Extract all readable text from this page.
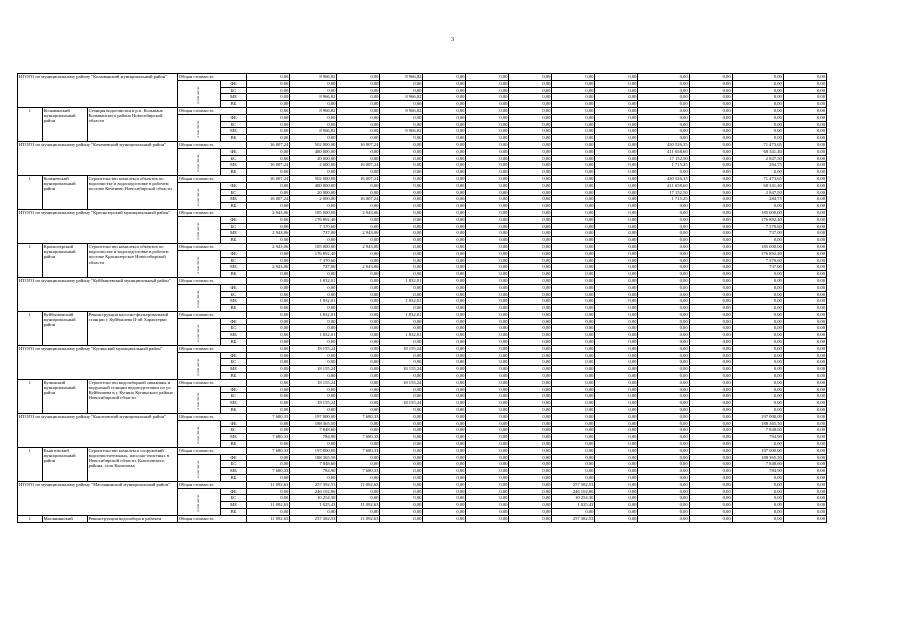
3
ИТОГО по муниципальному району "Колыванский муниципальный район"			Общая стоимость		0,00	8 966,82	0,00	8 966,82	0,00	0,00	0,00	0,00	0,00	0,00	0,00	0,00	0,00
			в том числе:	ФБ	0,00	0,00	0,00	0,00	0,00	0,00	0,00	0,00	0,00	0,00	0,00	0,00	0,00
				БС	0,00	0,00	0,00	0,00	0,00	0,00	0,00	0,00	0,00	0,00	0,00	0,00	0,00
				МБ	0,00	8 966,82	0,00	8 966,82	0,00	0,00	0,00	0,00	0,00	0,00	0,00	0,00	0,00
				ВБ	0,00	0,00	0,00	0,00	0,00	0,00	0,00	0,00	0,00	0,00	0,00	0,00	0,00
1	Колыванский муниципальный район	Станция водоочистки в р.п. Колывань Колыванского района Новосибирской области	Общая стоимость		0,00	8 966,82	0,00	8 966,82	0,00	0,00	0,00	0,00	0,00	0,00	0,00	0,00	0,00
			в том числе:	ФБ	0,00	0,00	0,00	0,00	0,00	0,00	0,00	0,00	0,00	0,00	0,00	0,00	0,00
				БС	0,00	0,00	0,00	0,00	0,00	0,00	0,00	0,00	0,00	0,00	0,00	0,00	0,00
				МБ	0,00	8 966,82	0,00	8 966,82	0,00	0,00	0,00	0,00	0,00	0,00	0,00	0,00	0,00
				ВБ	0,00	0,00	0,00	0,00	0,00	0,00	0,00	0,00	0,00	0,00	0,00	0,00	0,00
ИТОГО по муниципальному району "Коченевский муниципальный район"			Общая стоимость		16 007,24	502 000,00	16 007,24	0,00	0,00	0,00	0,00	0,00	0,00	430 526,35	0,00	71 473,65	0,00
			в том числе:	ФБ	0,00	480 000,00	0,00	0,00	0,00	0,00	0,00	0,00	0,00	411 658,60	0,00	68 341,40	0,00
				БС	0,00	20 000,00	0,00	0,00	0,00	0,00	0,00	0,00	0,00	17 152,50	0,00	2 847,50	0,00
				МБ	16 007,24	2 000,00	16 007,24	0,00	0,00	0,00	0,00	0,00	0,00	1 715,25	0,00	284,75	0,00
				ВБ	0,00	0,00	0,00	0,00	0,00	0,00	0,00	0,00	0,00	0,00	0,00	0,00	0,00
1	Коченевский муниципальный район	Строительство комплекса объектов по водоочистке и водоподготовке в рабочем поселке Коченево Новосибирской области	Общая стоимость		16 007,24	502 000,00	16 007,24	0,00	0,00	0,00	0,00	0,00	0,00	430 526,35	0,00	71 473,65	0,00
			в том числе:	ФБ	0,00	480 000,00	0,00	0,00	0,00	0,00	0,00	0,00	0,00	411 658,60	0,00	68 341,40	0,00
				БС	0,00	20 000,00	0,00	0,00	0,00	0,00	0,00	0,00	0,00	17 152,50	0,00	2 847,50	0,00
				МБ	16 007,24	2 000,00	16 007,24	0,00	0,00	0,00	0,00	0,00	0,00	1 715,25	0,00	284,75	0,00
				ВБ	0,00	0,00	0,00	0,00	0,00	0,00	0,00	0,00	0,00	0,00	0,00	0,00	0,00
ИТОГО по муниципальному району "Краснозерский муниципальный район"			Общая стоимость		2 943,06	185 000,00	2 943,06	0,00	0,00	0,00	0,00	0,00	0,00	0,00	0,00	185 000,00	0,00
			в том числе:	ФБ	0,00	176 892,40	0,00	0,00	0,00	0,00	0,00	0,00	0,00	0,00	0,00	176 892,40	0,00
				БС	0,00	7 370,60	0,00	0,00	0,00	0,00	0,00	0,00	0,00	0,00	0,00	7 370,60	0,00
				МБ	2 943,06	737,00	2 943,06	0,00	0,00	0,00	0,00	0,00	0,00	0,00	0,00	737,00	0,00
				ВБ	0,00	0,00	0,00	0,00	0,00	0,00	0,00	0,00	0,00	0,00	0,00	0,00	0,00
1	Краснозерский муниципальный район	Строительство комплекса объектов по водоочистке и водоподготовке в рабочем поселке Краснозерское Новосибирской области	Общая стоимость		2 943,06	185 000,00	2 943,06	0,00	0,00	0,00	0,00	0,00	0,00	0,00	0,00	185 000,00	0,00
			в том числе:	ФБ	0,00	176 892,40	0,00	0,00	0,00	0,00	0,00	0,00	0,00	0,00	0,00	176 892,40	0,00
				БС	0,00	7 370,60	0,00	0,00	0,00	0,00	0,00	0,00	0,00	0,00	0,00	7 370,60	0,00
				МБ	2 943,06	737,00	2 943,06	0,00	0,00	0,00	0,00	0,00	0,00	0,00	0,00	737,00	0,00
				ВБ	0,00	0,00	0,00	0,00	0,00	0,00	0,00	0,00	0,00	0,00	0,00	0,00	0,00
ИТОГО по муниципальному району "Куйбышевский муниципальный район"			Общая стоимость		0,00	1 832,01	0,00	1 832,01	0,00	0,00	0,00	0,00	0,00	0,00	0,00	0,00	0,00
			в том числе:	ФБ	0,00	0,00	0,00	0,00	0,00	0,00	0,00	0,00	0,00	0,00	0,00	0,00	0,00
				БС	0,00	0,00	0,00	0,00	0,00	0,00	0,00	0,00	0,00	0,00	0,00	0,00	0,00
				МБ	0,00	1 832,01	0,00	1 832,01	0,00	0,00	0,00	0,00	0,00	0,00	0,00	0,00	0,00
				ВБ	0,00	0,00	0,00	0,00	0,00	0,00	0,00	0,00	0,00	0,00	0,00	0,00	0,00
1	Куйбышевский муниципальный район	Реконструкция насосно-фильтровальной станции г. Куйбышева II-ой Характерки	Общая стоимость		0,00	1 832,01	0,00	1 832,01	0,00	0,00	0,00	0,00	0,00	0,00	0,00	0,00	0,00
			в том числе:	ФБ	0,00	0,00	0,00	0,00	0,00	0,00	0,00	0,00	0,00	0,00	0,00	0,00	0,00
				БС	0,00	0,00	0,00	0,00	0,00	0,00	0,00	0,00	0,00	0,00	0,00	0,00	0,00
				МБ	0,00	1 832,01	0,00	1 832,01	0,00	0,00	0,00	0,00	0,00	0,00	0,00	0,00	0,00
				ВБ	0,00	0,00	0,00	0,00	0,00	0,00	0,00	0,00	0,00	0,00	0,00	0,00	0,00
ИТОГО по муниципальному району "Купинский муниципальный район"			Общая стоимость		0,00	18 155,24	0,00	18 155,24	0,00	0,00	0,00	0,00	0,00	0,00	0,00	0,00	0,00
			в том числе:	ФБ	0,00	0,00	0,00	0,00	0,00	0,00	0,00	0,00	0,00	0,00	0,00	0,00	0,00
				БС	0,00	0,00	0,00	0,00	0,00	0,00	0,00	0,00	0,00	0,00	0,00	0,00	0,00
				МБ	0,00	18 155,24	0,00	18 155,24	0,00	0,00	0,00	0,00	0,00	0,00	0,00	0,00	0,00
				ВБ	0,00	0,00	0,00	0,00	0,00	0,00	0,00	0,00	0,00	0,00	0,00	0,00	0,00
1	Купинский муниципальный район	Строительство водозаборной скважины и модульной станции водоподготовки по ул. Куйбышева в г. Купино Купинского района Новосибирской области	Общая стоимость		0,00	18 155,24	0,00	18 155,24	0,00	0,00	0,00	0,00	0,00	0,00	0,00	0,00	0,00
			в том числе:	ФБ	0,00	0,00	0,00	0,00	0,00	0,00	0,00	0,00	0,00	0,00	0,00	0,00	0,00
				БС	0,00	0,00	0,00	0,00	0,00	0,00	0,00	0,00	0,00	0,00	0,00	0,00	0,00
				МБ	0,00	18 155,24	0,00	18 155,24	0,00	0,00	0,00	0,00	0,00	0,00	0,00	0,00	0,00
				ВБ	0,00	0,00	0,00	0,00	0,00	0,00	0,00	0,00	0,00	0,00	0,00	0,00	0,00
ИТОГО по муниципальному району "Кыштовский муниципальный район"			Общая стоимость		7 680,33	197 000,00	7 680,33	0,00	0,00	0,00	0,00	0,00	0,00	0,00	0,00	197 000,00	0,00
			в том числе:	ФБ	0,00	188 365,50	0,00	0,00	0,00	0,00	0,00	0,00	0,00	0,00	0,00	188 365,50	0,00
				БС	0,00	7 848,60	0,00	0,00	0,00	0,00	0,00	0,00	0,00	0,00	0,00	7 848,60	0,00
				МБ	7 680,33	784,90	7 680,33	0,00	0,00	0,00	0,00	0,00	0,00	0,00	0,00	784,90	0,00
				ВБ	0,00	0,00	0,00	0,00	0,00	0,00	0,00	0,00	0,00	0,00	0,00	0,00	0,00
1	Кыштовский муниципальный район	Строительство комплекса сооружений водоочистительных, насосно-очистных в Новосибирской области, Кыштовского района, село Кыштовка	Общая стоимость		7 680,33	197 000,00	7 680,33	0,00	0,00	0,00	0,00	0,00	0,00	0,00	0,00	197 000,00	0,00
			в том числе:	ФБ	0,00	188 365,50	0,00	0,00	0,00	0,00	0,00	0,00	0,00	0,00	0,00	188 365,50	0,00
				БС	0,00	7 848,60	0,00	0,00	0,00	0,00	0,00	0,00	0,00	0,00	0,00	7 848,60	0,00
				МБ	7 680,33	784,90	7 680,33	0,00	0,00	0,00	0,00	0,00	0,00	0,00	0,00	784,90	0,00
				ВБ	0,00	0,00	0,00	0,00	0,00	0,00	0,00	0,00	0,00	0,00	0,00	0,00	0,00
ИТОГО по муниципальному району "Маслянинский муниципальный район"			Общая стоимость		11 092,63	257 382,53	11 092,63	0,00	0,00	0,00	0,00	257 382,53	0,00	0,00	0,00	0,00	0,00
			в том числе:	ФБ	0,00	246 102,86	0,00	0,00	0,00	0,00	0,00	246 102,86	0,00	0,00	0,00	0,00	0,00
				БС	0,00	10 254,30	0,00	0,00	0,00	0,00	0,00	10 254,30	0,00	0,00	0,00	0,00	0,00
				МБ	11 092,63	1 025,43	11 092,63	0,00	0,00	0,00	0,00	1 025,43	0,00	0,00	0,00	0,00	0,00
				ВБ	0,00	0,00	0,00	0,00	0,00	0,00	0,00	0,00	0,00	0,00	0,00	0,00	0,00
1	Маслянинский	Реконструкция водозабора в рабочем	Общая стоимость		11 092,63	257 382,53	11 092,63	0,00	0,00	0,00	0,00	257 382,53	0,00	0,00	0,00	0,00	0,00
